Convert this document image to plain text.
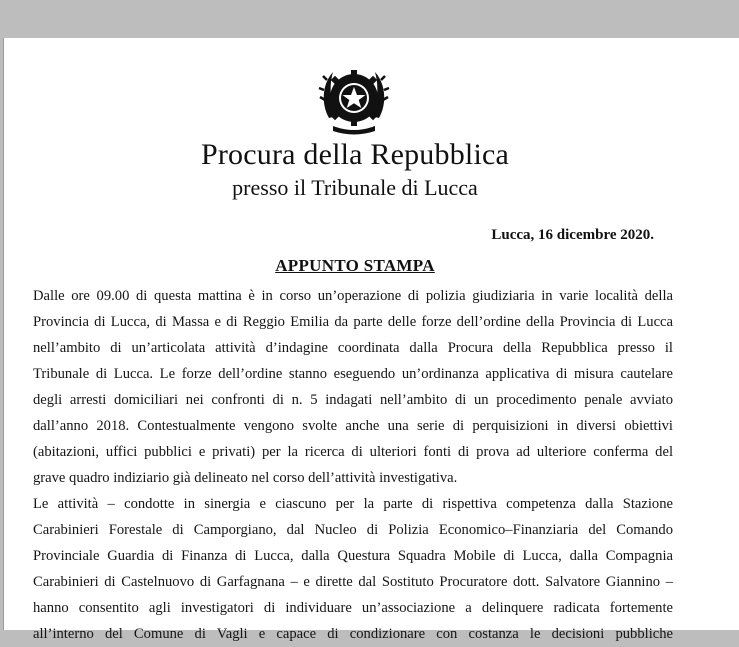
Procura della Repubblica
presso il Tribunale di Lucca
Lucca, 16 dicembre 2020.
APPUNTO STAMPA
Dalle ore 09.00 di questa mattina è in corso un’operazione di polizia giudiziaria in varie località della
Provincia di Lucca, di Massa e di Reggio Emilia da parte delle forze dell’ordine della Provincia di Lucca
nell’ambito di un’articolata attività d’indagine coordinata dalla Procura della Repubblica presso il
Tribunale di Lucca. Le forze dell’ordine stanno eseguendo un’ordinanza applicativa di misura cautelare
degli arresti domiciliari nei confronti di n. 5 indagati nell’ambito di un procedimento penale avviato
dall’anno 2018. Contestualmente vengono svolte anche una serie di perquisizioni in diversi obiettivi
(abitazioni, uffici pubblici e privati) per la ricerca di ulteriori fonti di prova ad ulteriore conferma del
grave quadro indiziario già delineato nel corso dell’attività investigativa.
Le attività – condotte in sinergia e ciascuno per la parte di rispettiva competenza dalla Stazione
Carabinieri Forestale di Camporgiano, dal Nucleo di Polizia Economico–Finanziaria del Comando
Provinciale Guardia di Finanza di Lucca, dalla Questura Squadra Mobile di Lucca, dalla Compagnia
Carabinieri di Castelnuovo di Garfagnana – e dirette dal Sostituto Procuratore dott. Salvatore Giannino –
hanno consentito agli investigatori di individuare un’associazione a delinquere radicata fortemente
all’interno del Comune di Vagli e capace di condizionare con costanza le decisioni pubbliche
